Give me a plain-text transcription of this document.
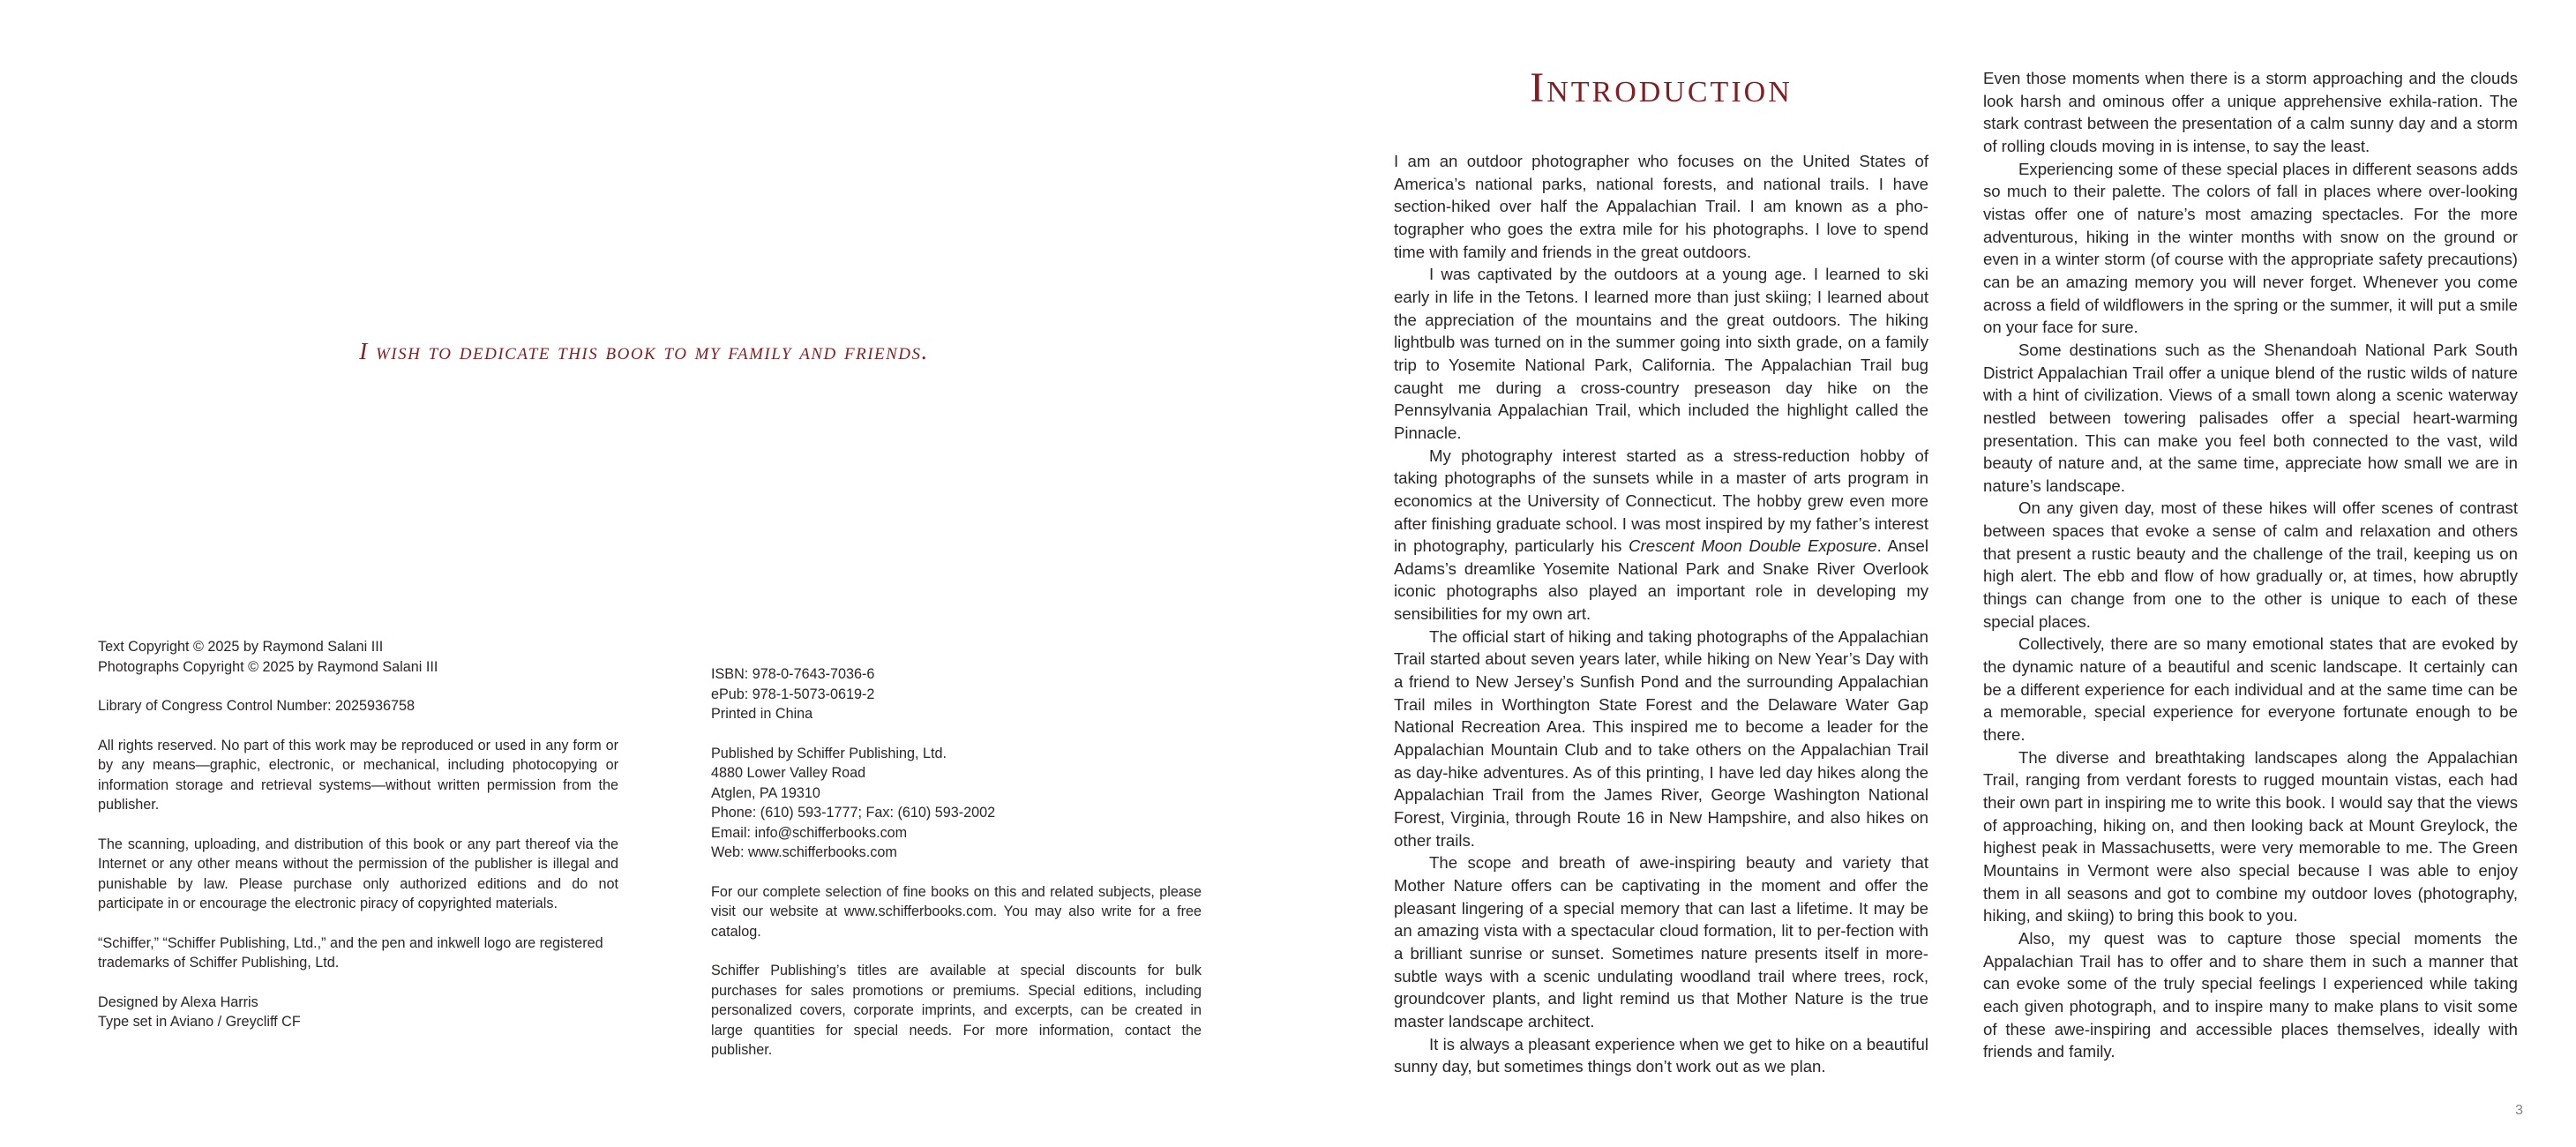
I wish to dedicate this book to my family and friends.
Text Copyright © 2025 by Raymond Salani III
Photographs Copyright © 2025 by Raymond Salani III
Library of Congress Control Number: 2025936758
All rights reserved. No part of this work may be reproduced or used in any form or by any means—graphic, electronic, or mechanical, including photocopying or information storage and retrieval systems—without written permission from the publisher.
The scanning, uploading, and distribution of this book or any part thereof via the Internet or any other means without the permission of the publisher is illegal and punishable by law. Please purchase only authorized editions and do not participate in or encourage the electronic piracy of copyrighted materials.
“Schiffer,” “Schiffer Publishing, Ltd.,” and the pen and inkwell logo are registered trademarks of Schiffer Publishing, Ltd.
Designed by Alexa Harris
Type set in Aviano / Greycliff CF
ISBN: 978-0-7643-7036-6
ePub: 978-1-5073-0619-2
Printed in China
Published by Schiffer Publishing, Ltd.
4880 Lower Valley Road
Atglen, PA 19310
Phone: (610) 593-1777; Fax: (610) 593-2002
Email: info@schifferbooks.com
Web: www.schifferbooks.com
For our complete selection of fine books on this and related subjects, please visit our website at www.schifferbooks.com. You may also write for a free catalog.
Schiffer Publishing’s titles are available at special discounts for bulk purchases for sales promotions or premiums. Special editions, including personalized covers, corporate imprints, and excerpts, can be created in large quantities for special needs. For more information, contact the publisher.
Introduction

I am an outdoor photographer who focuses on the United States of America’s national parks, national forests, and national trails. I have section-hiked over half the Appalachian Trail. I am known as a pho-tographer who goes the extra mile for his photographs. I love to spend time with family and friends in the great outdoors.

I was captivated by the outdoors at a young age. I learned to ski early in life in the Tetons. I learned more than just skiing; I learned about the appreciation of the mountains and the great outdoors. The hiking lightbulb was turned on in the summer going into sixth grade, on a family trip to Yosemite National Park, California. The Appalachian Trail bug caught me during a cross-country preseason day hike on the Pennsylvania Appalachian Trail, which included the highlight called the Pinnacle.

My photography interest started as a stress-reduction hobby of taking photographs of the sunsets while in a master of arts program in economics at the University of Connecticut. The hobby grew even more after finishing graduate school. I was most inspired by my father’s interest in photography, particularly his Crescent Moon Double Exposure. Ansel Adams’s dreamlike Yosemite National Park and Snake River Overlook iconic photographs also played an important role in developing my sensibilities for my own art.

The official start of hiking and taking photographs of the Appalachian Trail started about seven years later, while hiking on New Year’s Day with a friend to New Jersey’s Sunfish Pond and the surrounding Appalachian Trail miles in Worthington State Forest and the Delaware Water Gap National Recreation Area. This inspired me to become a leader for the Appalachian Mountain Club and to take others on the Appalachian Trail as day-hike adventures. As of this printing, I have led day hikes along the Appalachian Trail from the James River, George Washington National Forest, Virginia, through Route 16 in New Hampshire, and also hikes on other trails.

The scope and breath of awe-inspiring beauty and variety that Mother Nature offers can be captivating in the moment and offer the pleasant lingering of a special memory that can last a lifetime. It may be an amazing vista with a spectacular cloud formation, lit to per-fection with a brilliant sunrise or sunset. Sometimes nature presents itself in more-subtle ways with a scenic undulating woodland trail where trees, rock, groundcover plants, and light remind us that Mother Nature is the true master landscape architect.

It is always a pleasant experience when we get to hike on a beautiful sunny day, but sometimes things don’t work out as we plan.

Even those moments when there is a storm approaching and the clouds look harsh and ominous offer a unique apprehensive exhila-ration. The stark contrast between the presentation of a calm sunny day and a storm of rolling clouds moving in is intense, to say the least.

Experiencing some of these special places in different seasons adds so much to their palette. The colors of fall in places where over-looking vistas offer one of nature’s most amazing spectacles. For the more adventurous, hiking in the winter months with snow on the ground or even in a winter storm (of course with the appropriate safety precautions) can be an amazing memory you will never forget. Whenever you come across a field of wildflowers in the spring or the summer, it will put a smile on your face for sure.

Some destinations such as the Shenandoah National Park South District Appalachian Trail offer a unique blend of the rustic wilds of nature with a hint of civilization. Views of a small town along a scenic waterway nestled between towering palisades offer a special heart-warming presentation. This can make you feel both connected to the vast, wild beauty of nature and, at the same time, appreciate how small we are in nature’s landscape.

On any given day, most of these hikes will offer scenes of contrast between spaces that evoke a sense of calm and relaxation and others that present a rustic beauty and the challenge of the trail, keeping us on high alert. The ebb and flow of how gradually or, at times, how abruptly things can change from one to the other is unique to each of these special places.

Collectively, there are so many emotional states that are evoked by the dynamic nature of a beautiful and scenic landscape. It certainly can be a different experience for each individual and at the same time can be a memorable, special experience for everyone fortunate enough to be there.

The diverse and breathtaking landscapes along the Appalachian Trail, ranging from verdant forests to rugged mountain vistas, each had their own part in inspiring me to write this book. I would say that the views of approaching, hiking on, and then looking back at Mount Greylock, the highest peak in Massachusetts, were very memorable to me. The Green Mountains in Vermont were also special because I was able to enjoy them in all seasons and got to combine my outdoor loves (photography, hiking, and skiing) to bring this book to you.

Also, my quest was to capture those special moments the Appalachian Trail has to offer and to share them in such a manner that can evoke some of the truly special feelings I experienced while taking each given photograph, and to inspire many to make plans to visit some of these awe-inspiring and accessible places themselves, ideally with friends and family.

3
